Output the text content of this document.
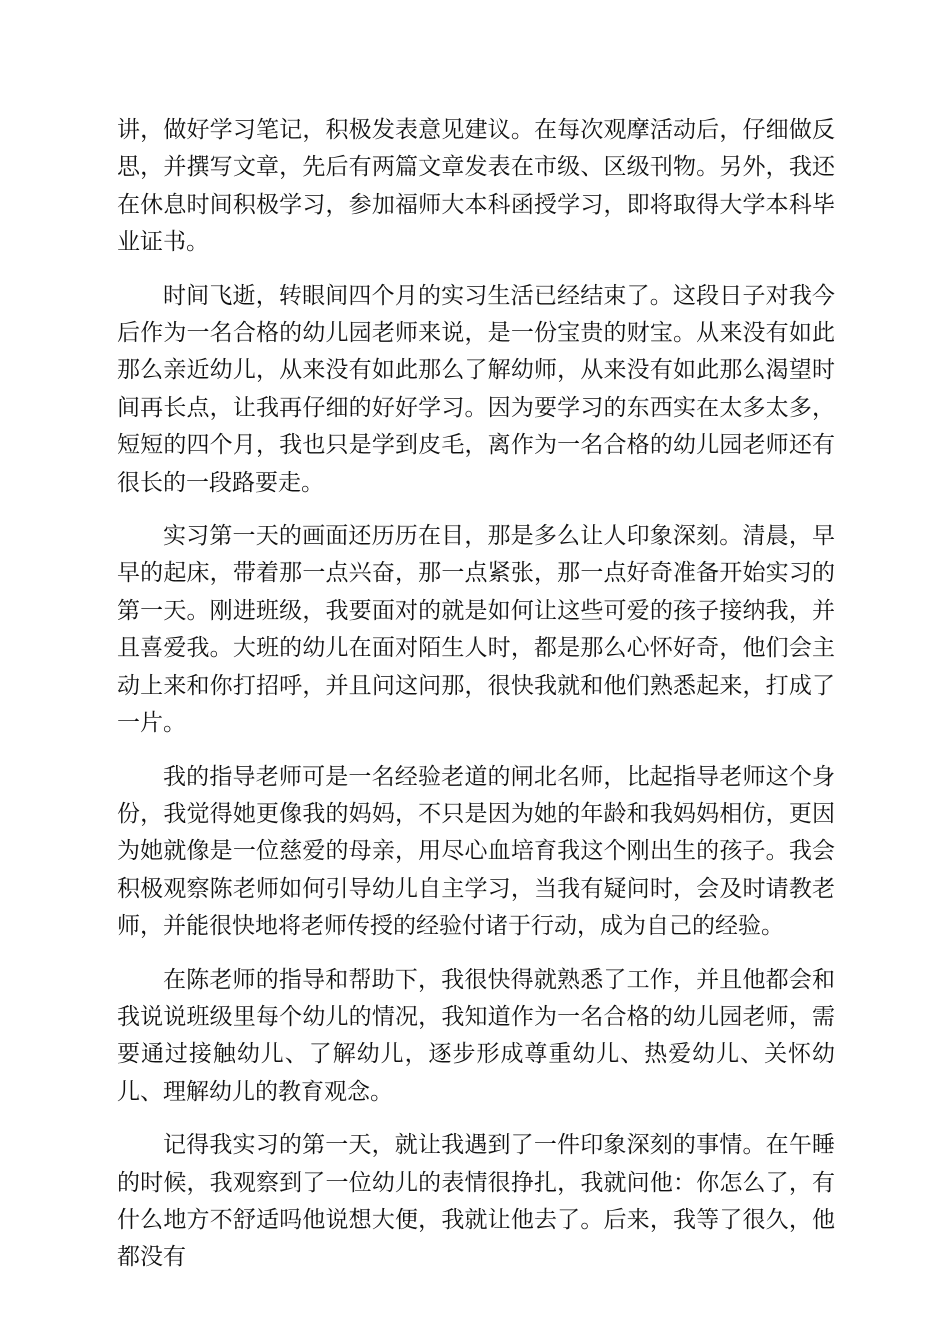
讲，做好学习笔记，积极发表意见建议。在每次观摩活动后，仔细做反思，并撰写文章，先后有两篇文章发表在市级、区级刊物。另外，我还在休息时间积极学习，参加福师大本科函授学习，即将取得大学本科毕业证书。

时间飞逝，转眼间四个月的实习生活已经结束了。这段日子对我今后作为一名合格的幼儿园老师来说，是一份宝贵的财宝。从来没有如此那么亲近幼儿，从来没有如此那么了解幼师，从来没有如此那么渴望时间再长点，让我再仔细的好好学习。因为要学习的东西实在太多太多，短短的四个月，我也只是学到皮毛，离作为一名合格的幼儿园老师还有很长的一段路要走。

实习第一天的画面还历历在目，那是多么让人印象深刻。清晨，早早的起床，带着那一点兴奋，那一点紧张，那一点好奇准备开始实习的第一天。刚进班级，我要面对的就是如何让这些可爱的孩子接纳我，并且喜爱我。大班的幼儿在面对陌生人时，都是那么心怀好奇，他们会主动上来和你打招呼，并且问这问那，很快我就和他们熟悉起来，打成了一片。

我的指导老师可是一名经验老道的闸北名师，比起指导老师这个身份，我觉得她更像我的妈妈，不只是因为她的年龄和我妈妈相仿，更因为她就像是一位慈爱的母亲，用尽心血培育我这个刚出生的孩子。我会积极观察陈老师如何引导幼儿自主学习，当我有疑问时，会及时请教老师，并能很快地将老师传授的经验付诸于行动，成为自己的经验。

在陈老师的指导和帮助下，我很快得就熟悉了工作，并且他都会和我说说班级里每个幼儿的情况，我知道作为一名合格的幼儿园老师，需要通过接触幼儿、了解幼儿，逐步形成尊重幼儿、热爱幼儿、关怀幼儿、理解幼儿的教育观念。

记得我实习的第一天，就让我遇到了一件印象深刻的事情。在午睡的时候，我观察到了一位幼儿的表情很挣扎，我就问他：你怎么了，有什么地方不舒适吗他说想大便，我就让他去了。后来，我等了很久，他都没有
